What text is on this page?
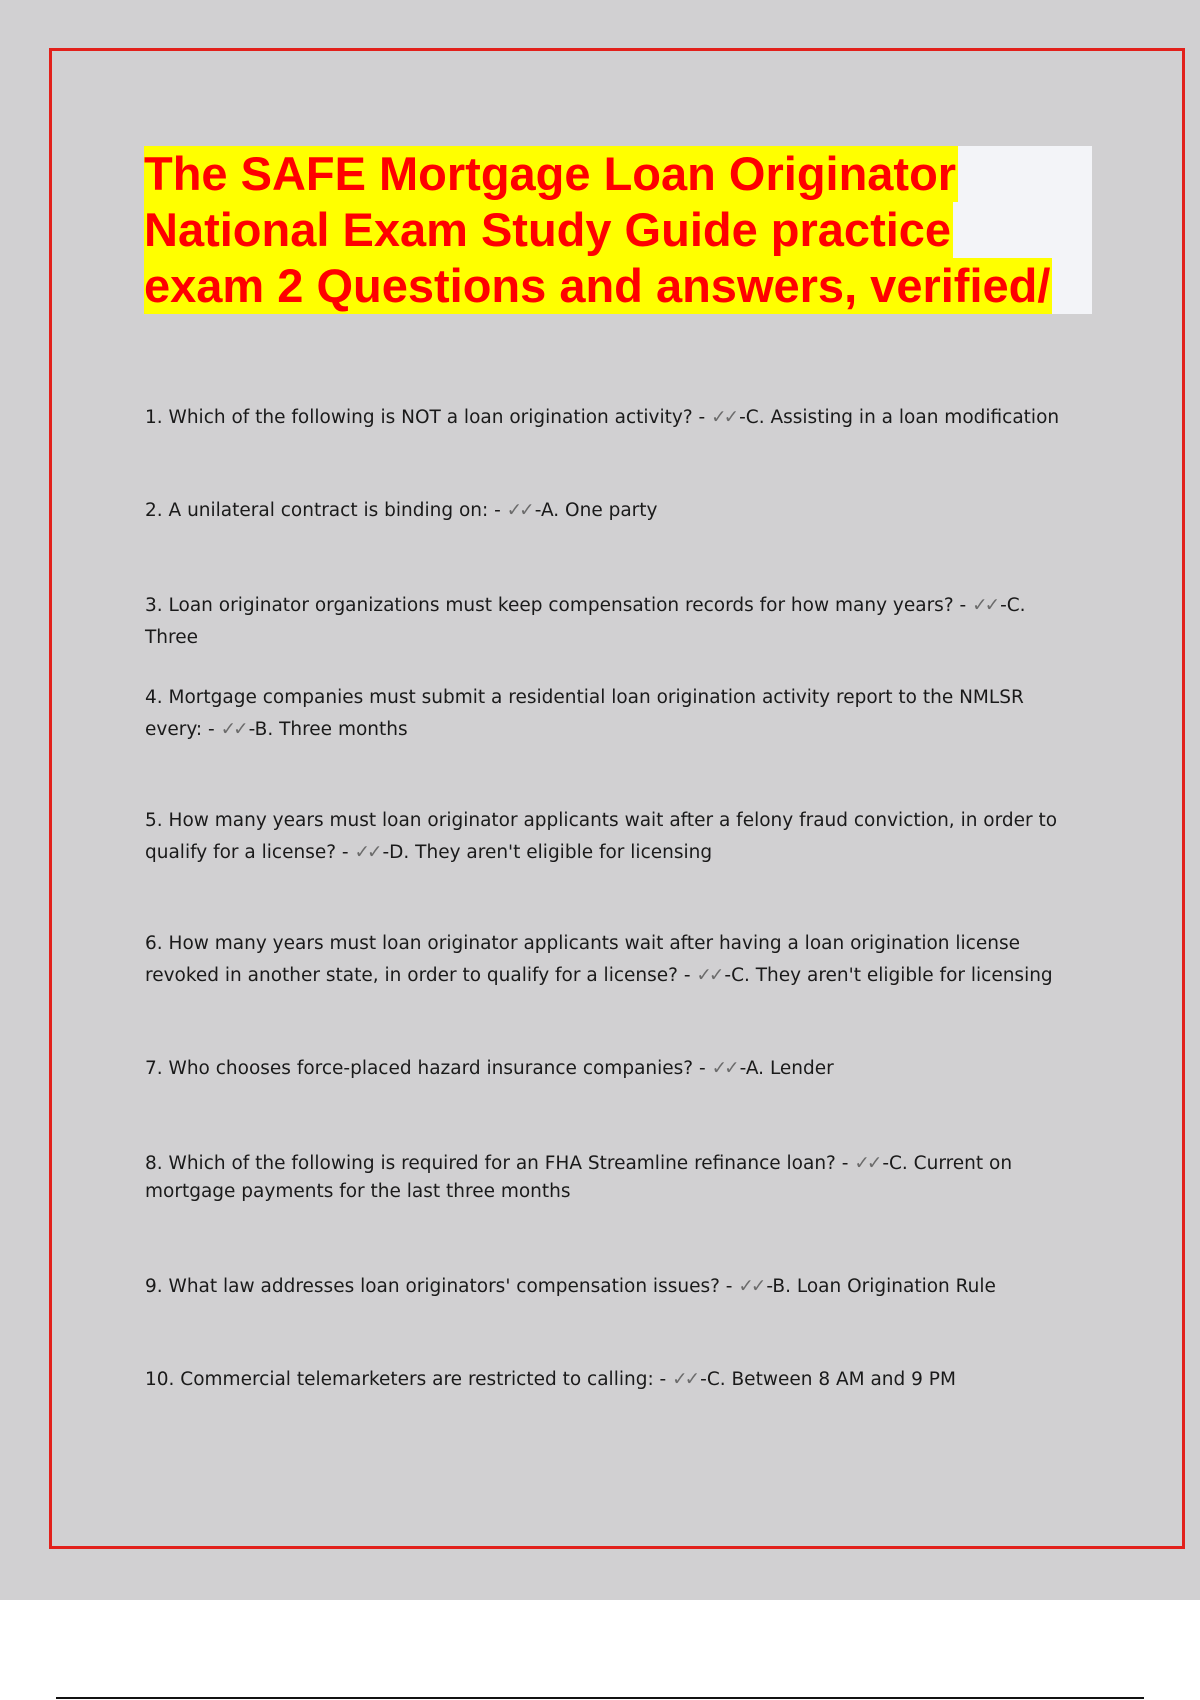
The SAFE Mortgage Loan Originator
National Exam Study Guide practice
exam 2 Questions and answers, verified/
1. Which of the following is NOT a loan origination activity? - ✓✓ -C. Assisting in a loan modification
2. A unilateral contract is binding on: - ✓✓ -A. One party
3. Loan originator organizations must keep compensation records for how many years? - ✓✓ -C. Three
4. Mortgage companies must submit a residential loan origination activity report to the NMLSR every: - ✓✓ -B. Three months
5. How many years must loan originator applicants wait after a felony fraud conviction, in order to qualify for a license? - ✓✓ -D. They aren't eligible for licensing
6. How many years must loan originator applicants wait after having a loan origination license revoked in another state, in order to qualify for a license? - ✓✓ -C. They aren't eligible for licensing
7. Who chooses force-placed hazard insurance companies? - ✓✓ -A. Lender
8. Which of the following is required for an FHA Streamline refinance loan? - ✓✓ -C. Current on mortgage payments for the last three months
9. What law addresses loan originators' compensation issues? - ✓✓ -B. Loan Origination Rule
10. Commercial telemarketers are restricted to calling: - ✓✓ -C. Between 8 AM and 9 PM
